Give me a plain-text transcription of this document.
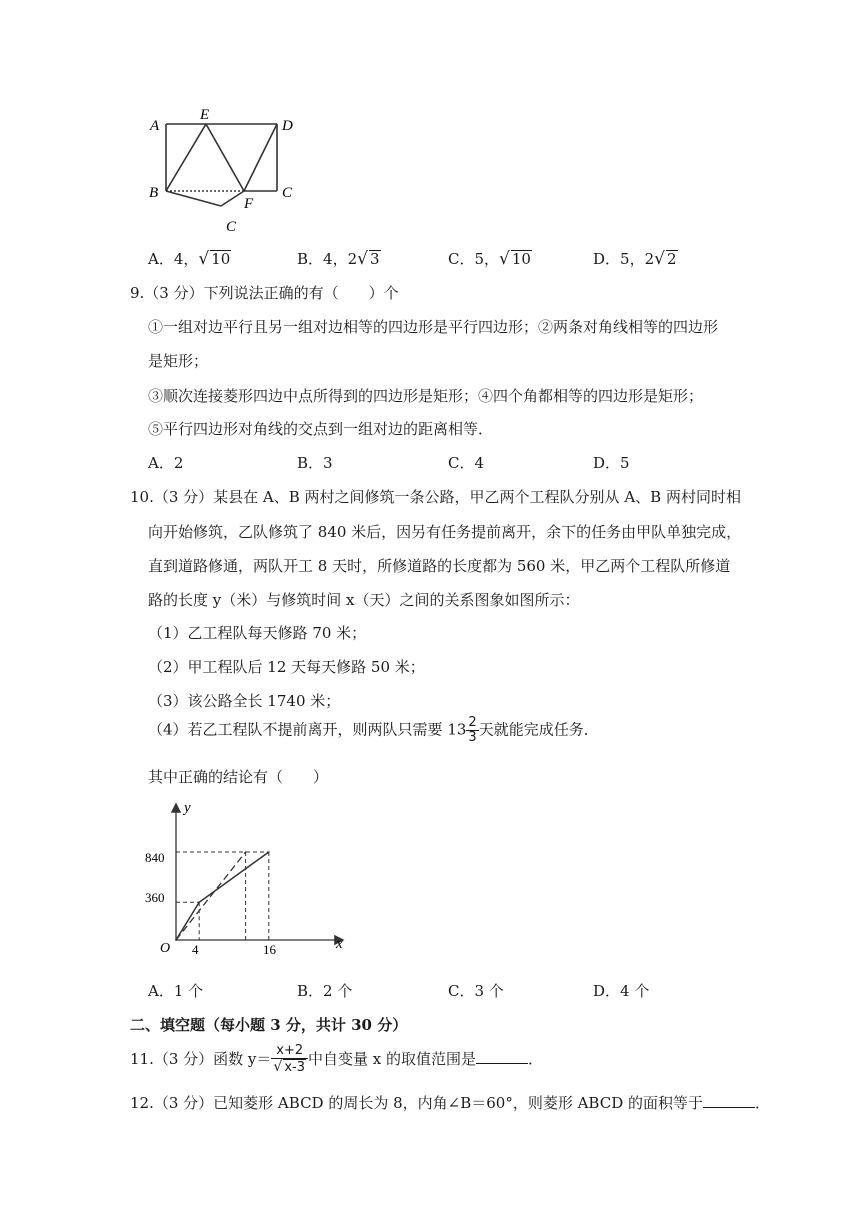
A
E
D
B	C
F
C
A．4，√ 10	B．4，2√ 3	C．5，√ 10	D．5，2√ 2
9.（3 分）下列说法正确的有（　　）个
①一组对边平行且另一组对边相等的四边形是平行四边形；②两条对角线相等的四边形
是矩形；
③顺次连接菱形四边中点所得到的四边形是矩形；④四个角都相等的四边形是矩形；
⑤平行四边形对角线的交点到一组对边的距离相等．
A．2	B．3	C．4	D．5
10.（3 分）某县在 A、B 两村之间修筑一条公路，甲乙两个工程队分别从 A、B 两村同时相
向开始修筑，乙队修筑了 840 米后，因另有任务提前离开，余下的任务由甲队单独完成，
直到道路修通，两队开工 8 天时，所修道路的长度都为 560 米，甲乙两个工程队所修道
路的长度 y（米）与修筑时间 x（天）之间的关系图象如图所示：
（1）乙工程队每天修路 70 米；
（2）甲工程队后 12 天每天修路 50 米；
（3）该公路全长 1740 米；
（4）若乙工程队不提前离开，则两队只需要 $13 \frac{2}{3}$ 天就能完成任务．
其中正确的结论有（　　）
y
x
O
840
360
4	16
A．1 个	B．2 个	C．3 个	D．4 个
二、填空题（每小题 3 分，共计 30 分）
11.（3 分）函数 $y= \frac{x+2}{√ x-3}$ 中自变量 x 的取值范围是	．
12.（3 分）已知菱形 ABCD 的周长为 8，内角∠B＝60°，则菱形 ABCD 的面积等于	．
